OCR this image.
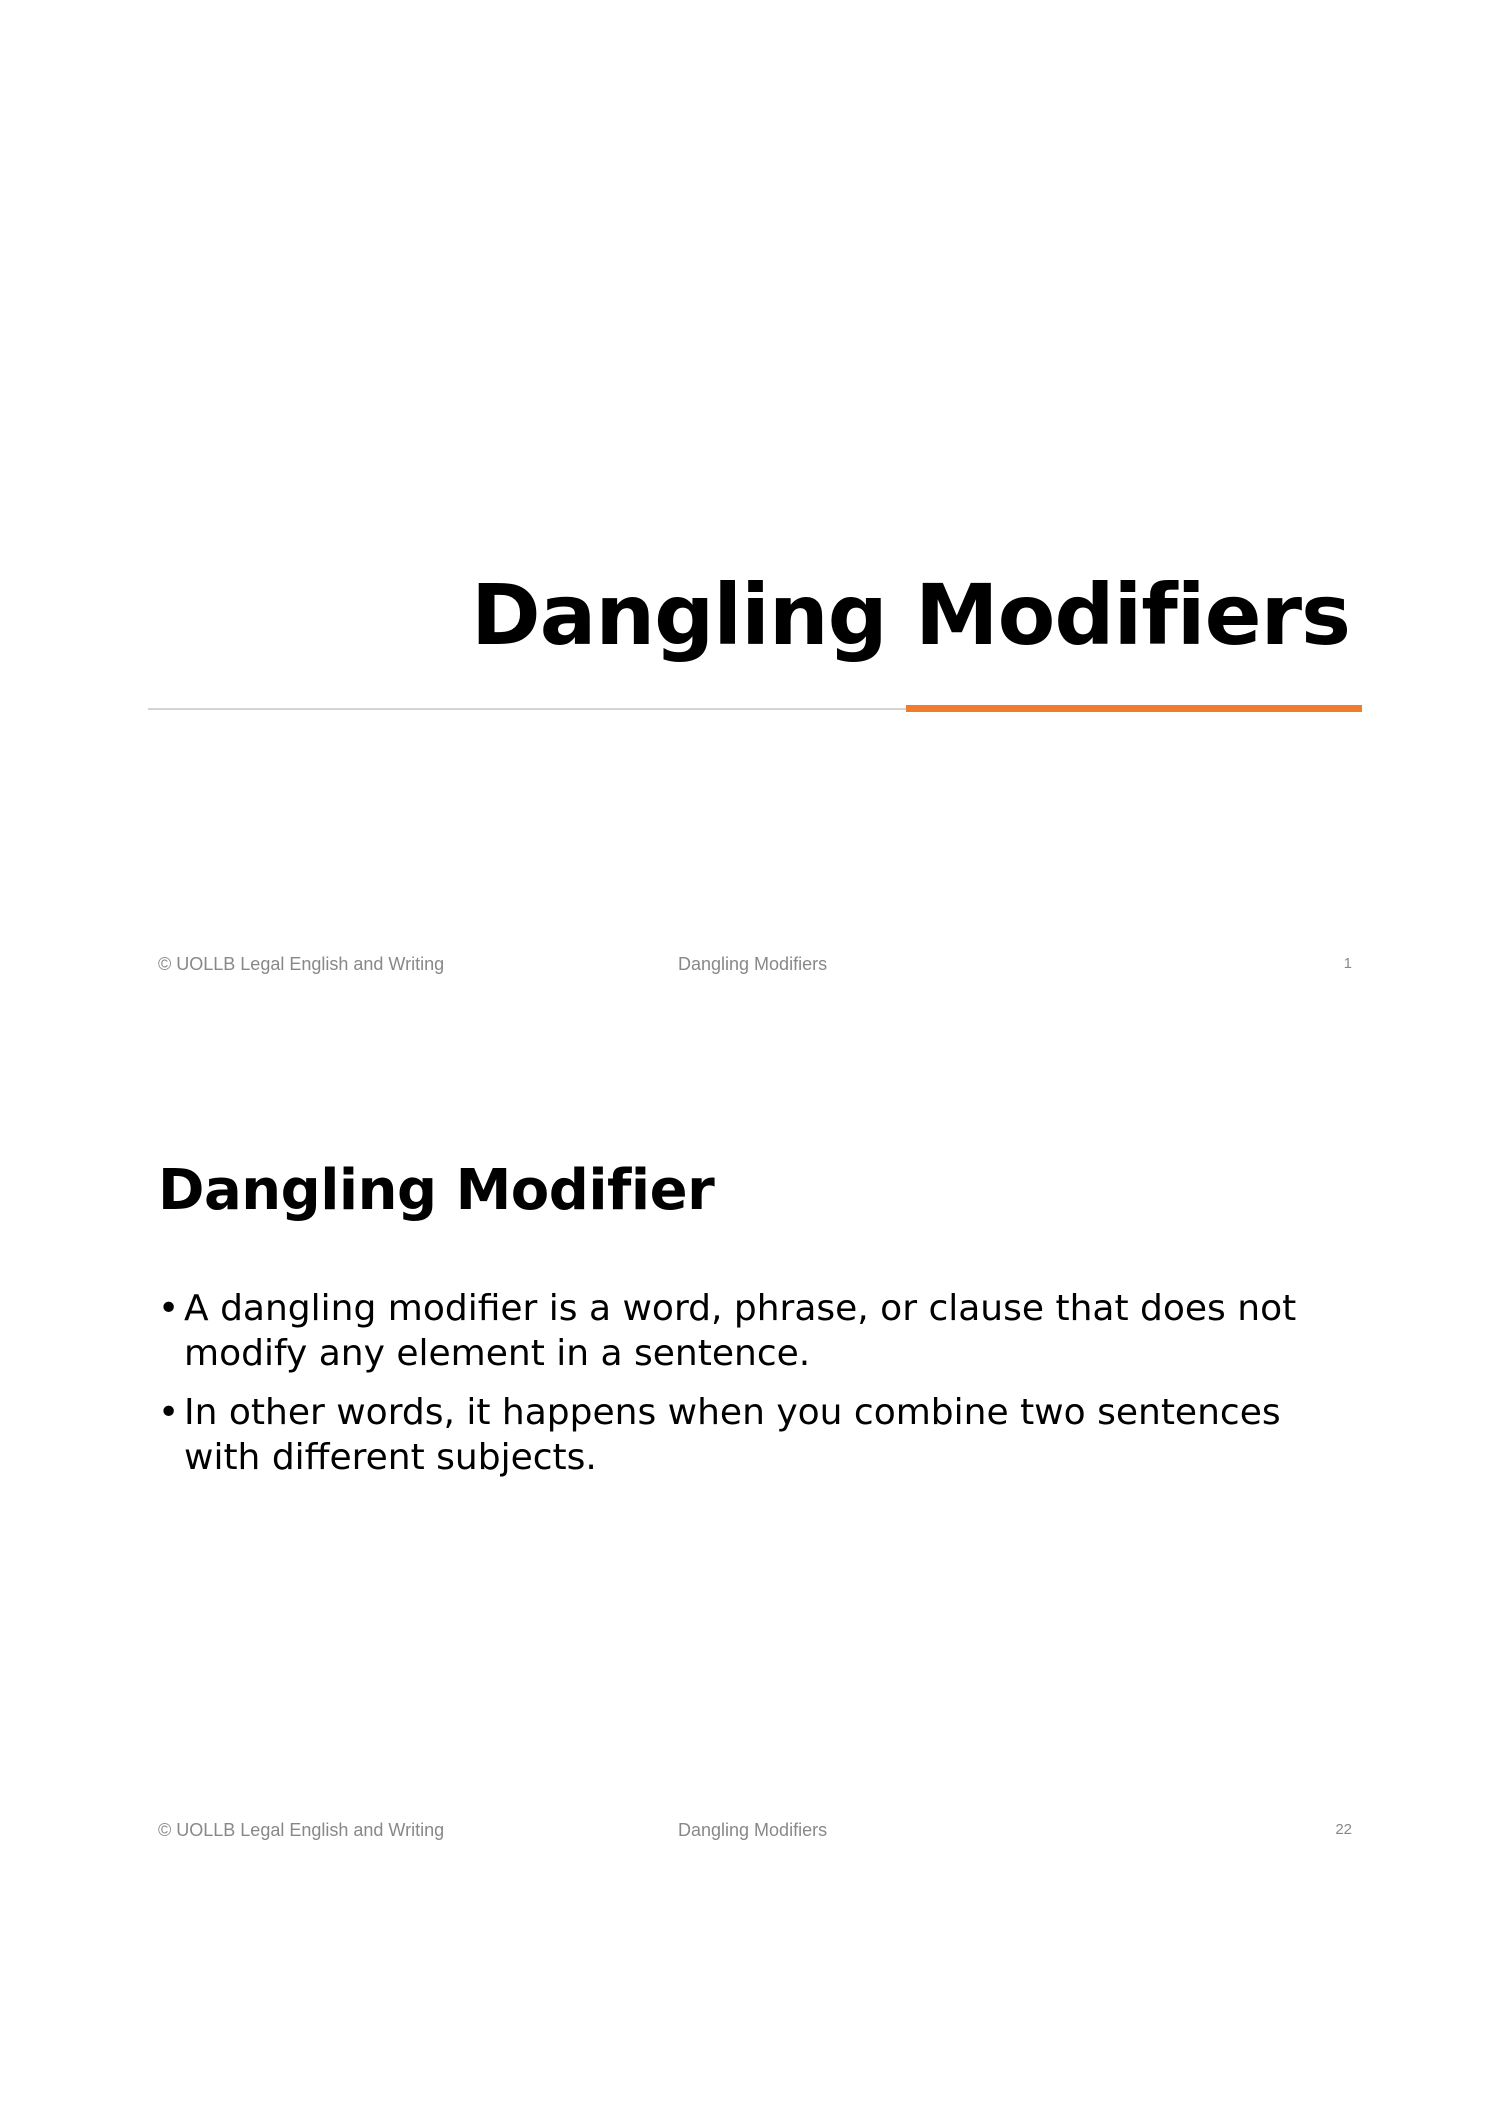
Dangling Modifiers
© UOLLB Legal English and Writing	Dangling Modifiers	1
Dangling Modifier
• A dangling modifier is a word, phrase, or clause that does not modify any element in a sentence.
• In other words, it happens when you combine two sentences with different subjects.
© UOLLB Legal English and Writing	Dangling Modifiers	22
